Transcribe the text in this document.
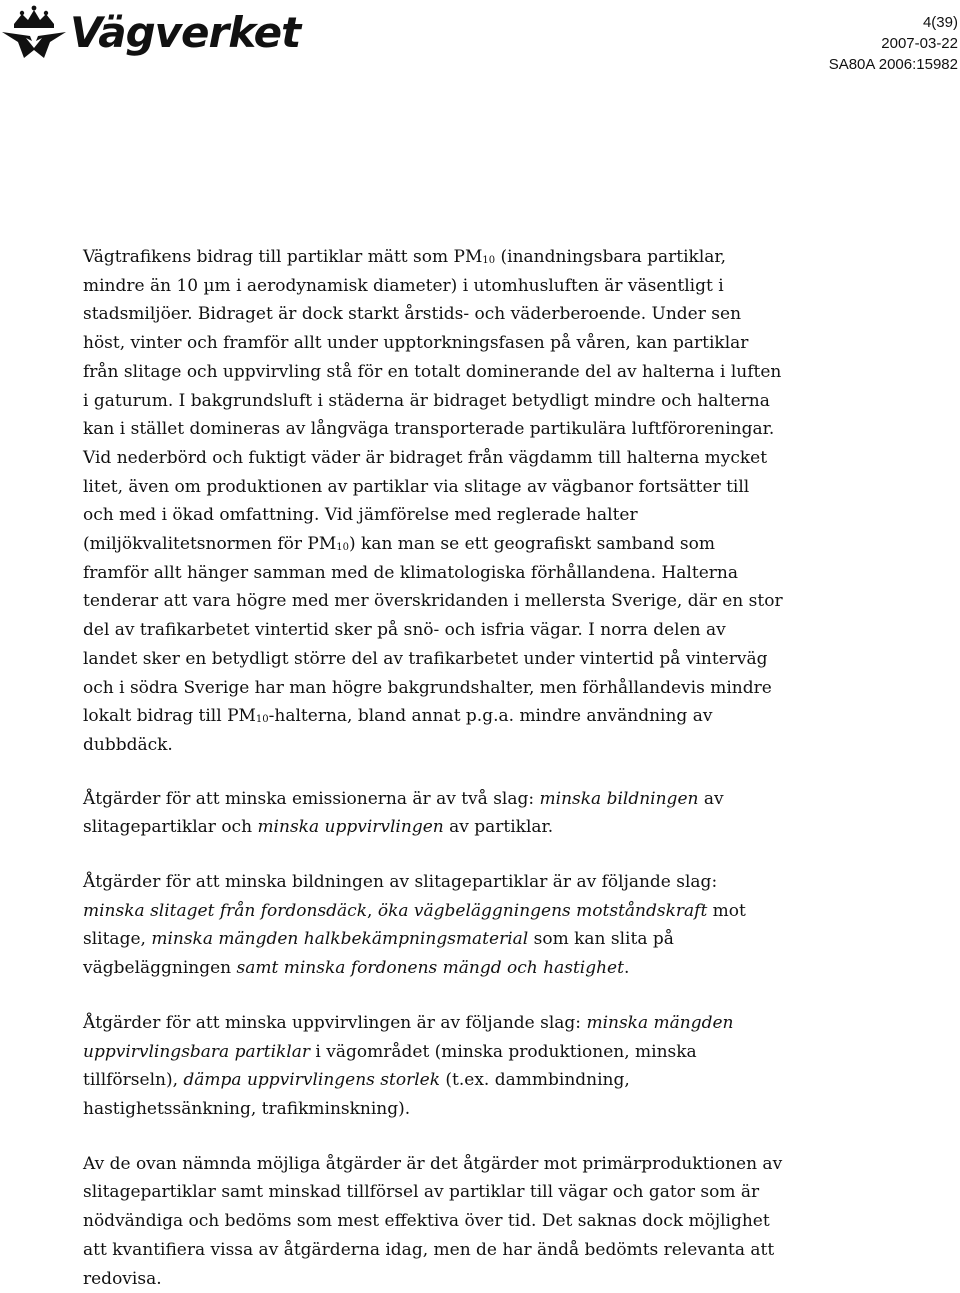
Vägverket	4(39)
2007-03-22
SA80A 2006:15982

Vägtrafikens bidrag till partiklar mätt som $PM_{10}$ (inandningsbara partiklar, mindre än 10 µm i aerodynamisk diameter) i utomhusluften är väsentligt i stadsmiljöer. Bidraget är dock starkt årstids- och väderberoende. Under sen höst, vinter och framför allt under upptorkningsfasen på våren, kan partiklar från slitage och uppvirvling stå för en totalt dominerande del av halterna i luften i gaturum. I bakgrundsluft i städerna är bidraget betydligt mindre och halterna kan i stället domineras av långväga transporterade partikulära luftföroreningar. Vid nederbörd och fuktigt väder är bidraget från vägdamm till halterna mycket litet, även om produktionen av partiklar via slitage av vägbanor fortsätter till och med i ökad omfattning. Vid jämförelse med reglerade halter (miljökvalitetsnormen för $PM_{10}$) kan man se ett geografiskt samband som framför allt hänger samman med de klimatologiska förhållandena. Halterna tenderar att vara högre med mer överskridanden i mellersta Sverige, där en stor del av trafikarbetet vintertid sker på snö- och isfria vägar. I norra delen av landet sker en betydligt större del av trafikarbetet under vintertid på vinterväg och i södra Sverige har man högre bakgrundshalter, men förhållandevis mindre lokalt bidrag till $PM_{10}$-halterna, bland annat p.g.a. mindre användning av dubbdäck.

Åtgärder för att minska emissionerna är av två slag: minska bildningen av slitagepartiklar och minska uppvirvlingen av partiklar.

Åtgärder för att minska bildningen av slitagepartiklar är av följande slag: minska slitaget från fordonsdäck, öka vägbeläggningens motståndskraft mot slitage, minska mängden halkbekämpningsmaterial som kan slita på vägbeläggningen samt minska fordonens mängd och hastighet.

Åtgärder för att minska uppvirvlingen är av följande slag: minska mängden uppvirvlingsbara partiklar i vägområdet (minska produktionen, minska tillförseln), dämpa uppvirvlingens storlek (t.ex. dammbindning, hastighetssänkning, trafikminskning).

Av de ovan nämnda möjliga åtgärder är det åtgärder mot primärproduktionen av slitagepartiklar samt minskad tillförsel av partiklar till vägar och gator som är nödvändiga och bedöms som mest effektiva över tid. Det saknas dock möjlighet att kvantifiera vissa av åtgärderna idag, men de har ändå bedömts relevanta att redovisa.
